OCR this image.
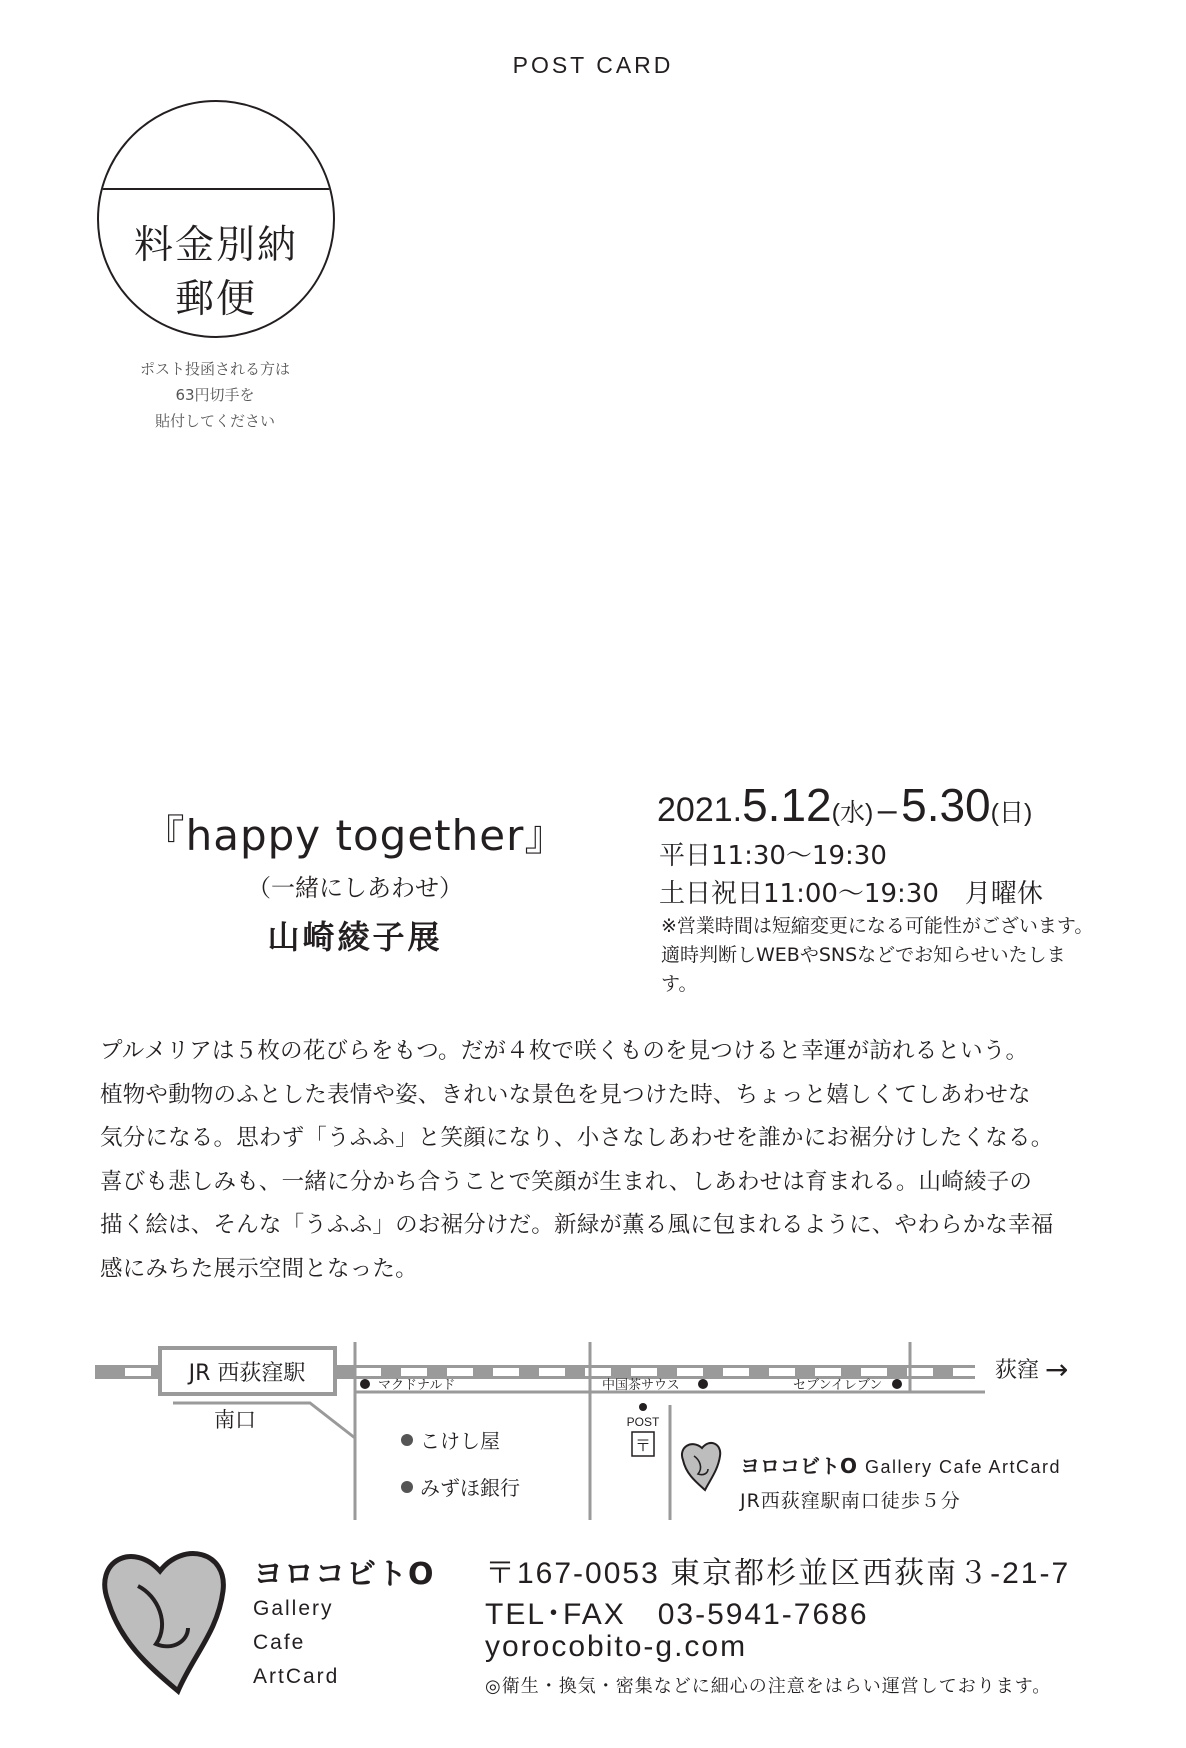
POST CARD
料金別納
郵便
ポスト投函される方は
63円切手を
貼付してください
『happy together』
（一緒にしあわせ）
山崎綾子展
2021.5.12(水) – 5.30(日)
平日11:30〜19:30
土日祝日11:00〜19:30　月曜休
※営業時間は短縮変更になる可能性がございます。適時判断しWEBやSNSなどでお知らせいたします。
プルメリアは５枚の花びらをもつ。だが４枚で咲くものを見つけると幸運が訪れるという。
植物や動物のふとした表情や姿、きれいな景色を見つけた時、ちょっと嬉しくてしあわせな
気分になる。思わず「うふふ」と笑顔になり、小さなしあわせを誰かにお裾分けしたくなる。
喜びも悲しみも、一緒に分かち合うことで笑顔が生まれ、しあわせは育まれる。山崎綾子の
描く絵は、そんな「うふふ」のお裾分けだ。新緑が薫る風に包まれるように、やわらかな幸福
感にみちた展示空間となった。
JR 西荻窪駅
南口
荻窪 →
マクドナルド	中国茶サウス	セブンイレブン
こけし屋
みずほ銀行
POST
〒
ヨロコビトO Gallery Cafe ArtCard
JR西荻窪駅南口徒歩５分
ヨロコビトO
Gallery
Cafe
ArtCard
〒167-0053 東京都杉並区西荻南３-21-7
TEL･FAX　03-5941-7686
yorocobito-g.com
◎衛生・換気・密集などに細心の注意をはらい運営しております。
